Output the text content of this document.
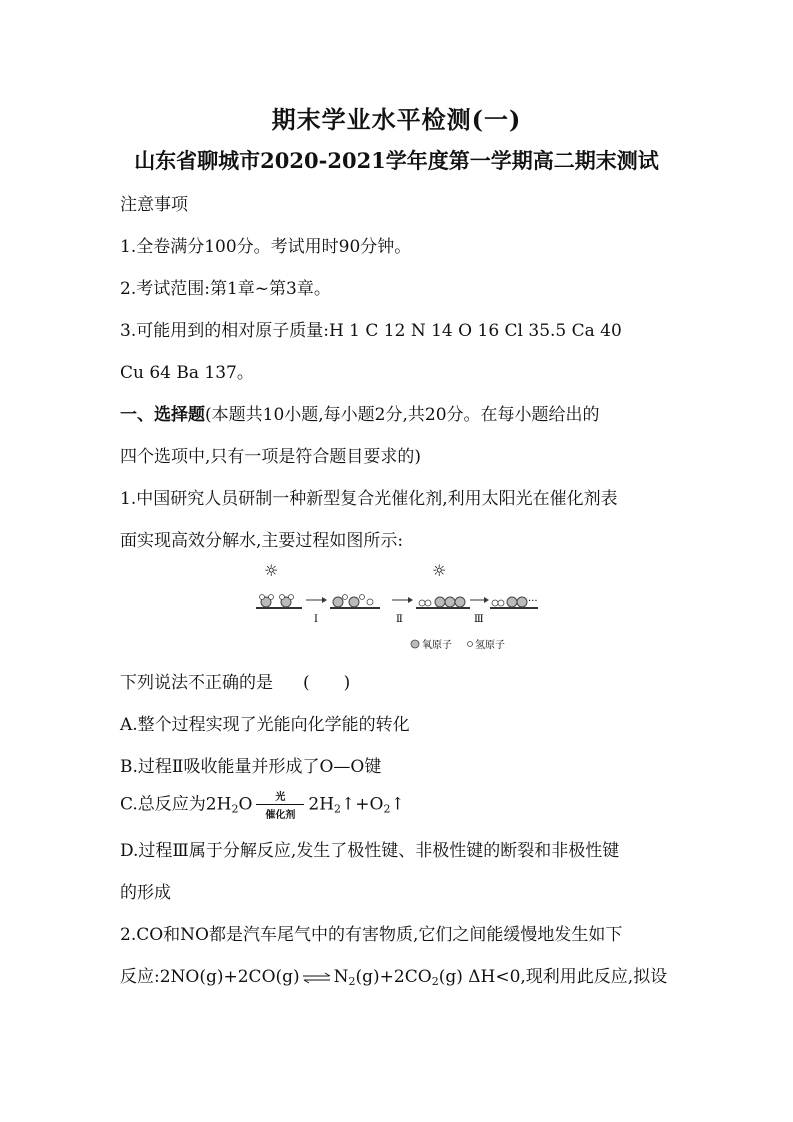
期末学业水平检测(一)
山东省聊城市2020-2021学年度第一学期高二期末测试
注意事项
1.全卷满分100分。考试用时90分钟。
2.考试范围:第1章~第3章。
3.可能用到的相对原子质量:H 1 C 12 N 14 O 16 Cl 35.5 Ca 40
Cu 64 Ba 137。
一、选择题(本题共10小题,每小题2分,共20分。在每小题给出的
四个选项中,只有一项是符合题目要求的)
1.中国研究人员研制一种新型复合光催化剂,利用太阳光在催化剂表
面实现高效分解水,主要过程如图所示:
☼	☼
Ⅰ	Ⅱ	Ⅲ
···
氧原子 氢原子
下列说法不正确的是 (　　)
A.整个过程实现了光能向化学能的转化
B.过程Ⅱ吸收能量并形成了O—O键
C.总反应为$2H_2O \frac{\text{光}}{\text{催化剂}}$ $2H_2↑+O_2↑$
D.过程Ⅲ属于分解反应,发生了极性键、非极性键的断裂和非极性键
的形成
2.CO和NO都是汽车尾气中的有害物质,它们之间能缓慢地发生如下
反应:2NO(g)+2CO(g) ⇌ $N_2(g)+2CO_2(g)$ ΔH<0,现利用此反应,拟设
